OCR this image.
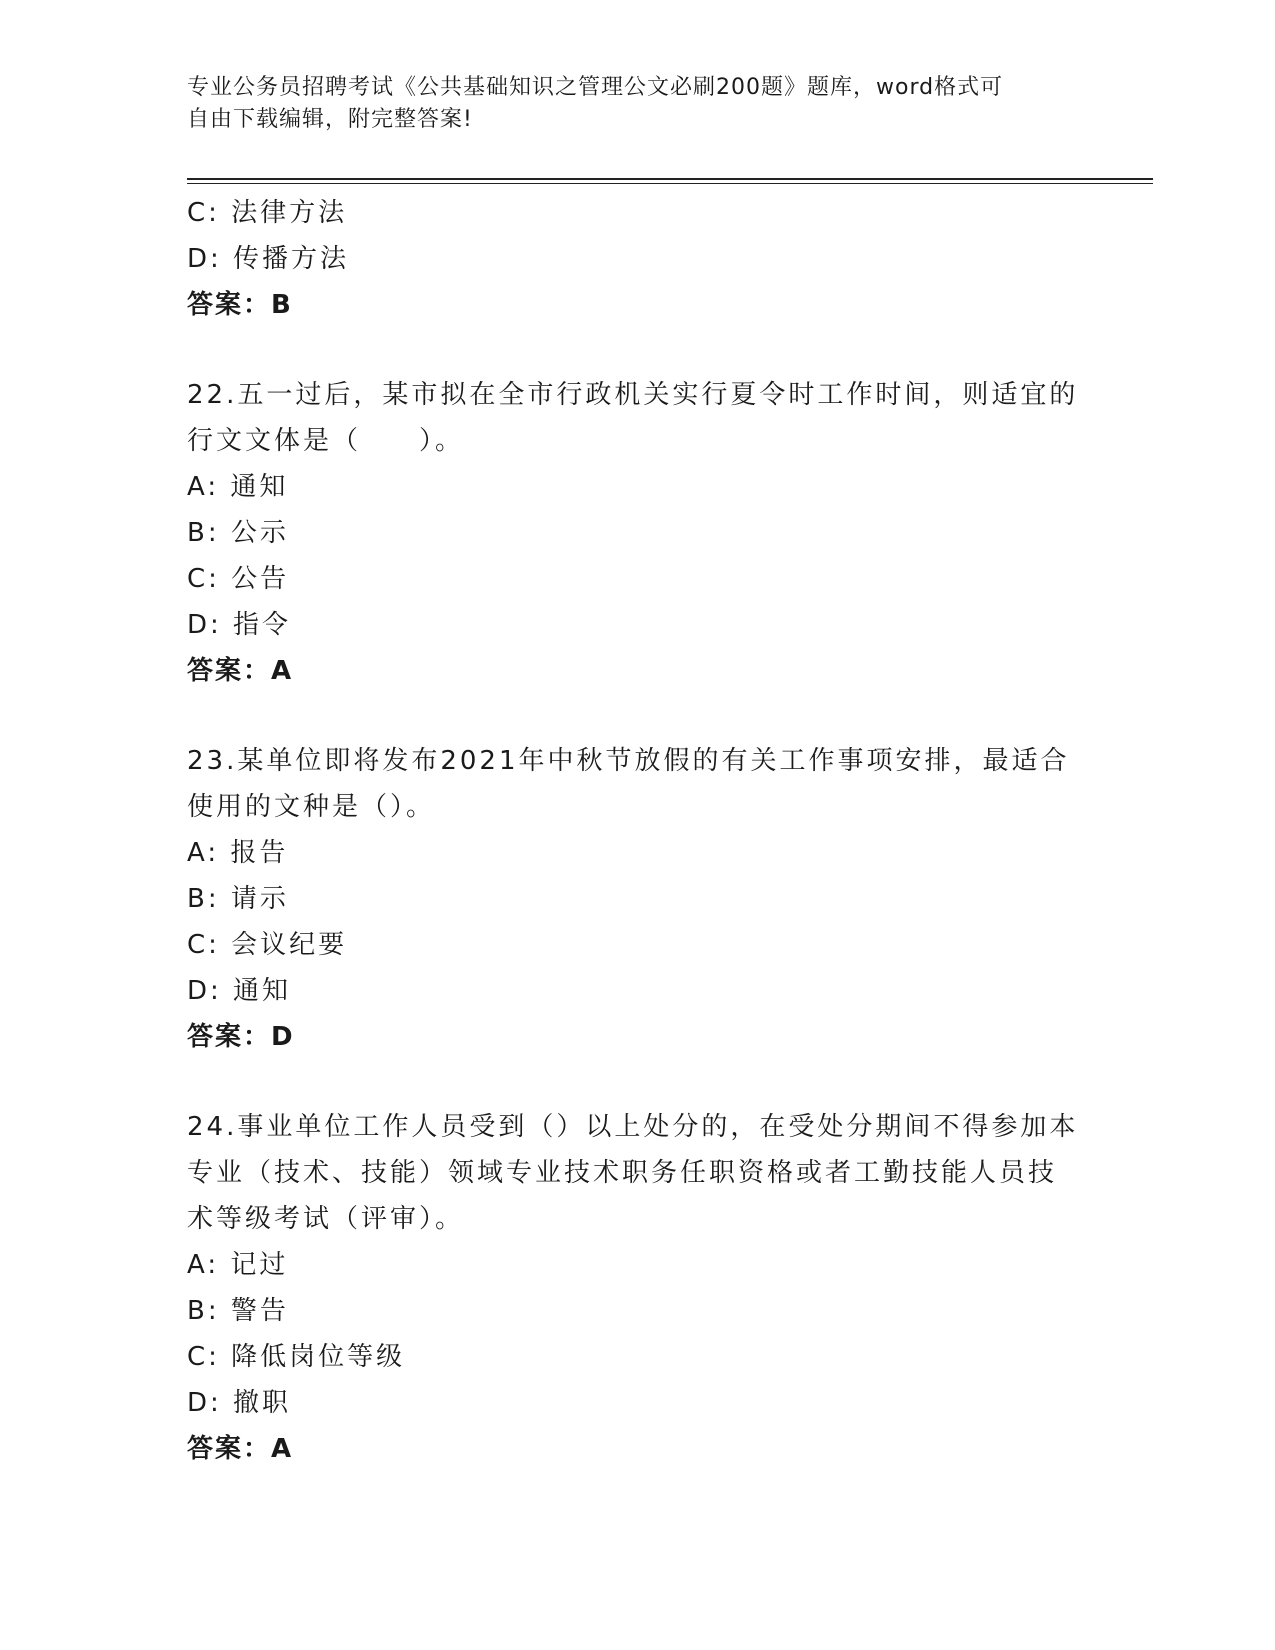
专业公务员招聘考试《公共基础知识之管理公文必刷200题》题库，word格式可
自由下载编辑，附完整答案!
C: 法律方法
D: 传播方法
答案：B
22.五一过后，某市拟在全市行政机关实行夏令时工作时间，则适宜的
行文文体是（　　）。
A: 通知
B: 公示
C: 公告
D: 指令
答案：A
23.某单位即将发布2021年中秋节放假的有关工作事项安排，最适合
使用的文种是（）。
A: 报告
B: 请示
C: 会议纪要
D: 通知
答案：D
24.事业单位工作人员受到（）以上处分的，在受处分期间不得参加本
专业（技术、技能）领域专业技术职务任职资格或者工勤技能人员技
术等级考试（评审）。
A: 记过
B: 警告
C: 降低岗位等级
D: 撤职
答案：A
